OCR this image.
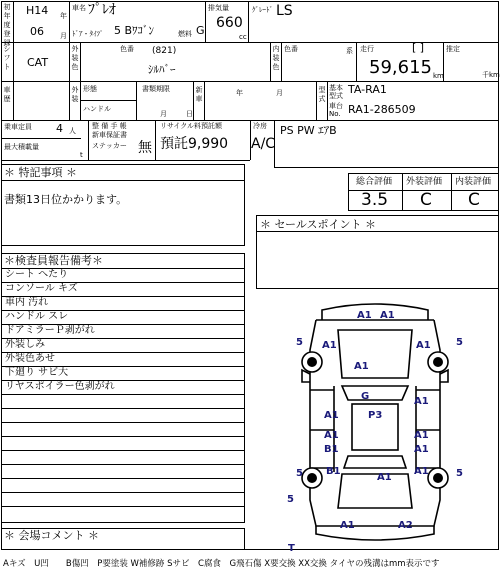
初年度登録
H14 年
06 月
車名 ﾌﾟﾚｵ
ﾄﾞｱ・ﾀｲﾌﾟ 5 Bﾜｺﾞﾝ	燃料 G
排気量
660
cc
ｸﾞﾚｰﾄﾞ LS
シフト CAT
外装色
色番 (821)
ｼﾙﾊﾞｰ
内装色
色番	系 走行	[ ]
59,615 km
推定
千km
車歴
外装
形態
ハンドル
書類期限
月	日
新車
年	月	型式
基本型式 TA-RA1
車台No. RA1-286509
乗車定員 4 人
最大積載量
t
整 備 手 帳
新車保証書
ステッカー 無
リサイクル料預託額
預託9,990
冷房
A/C
PS PW ｴｱB
＊ 特記事項 ＊
書類13日位かかります。
総合評価 外装評価 内装評価
3.5 C C
＊ セールスポイント ＊
＊検査員報告備考＊
シート へたり
コンソール キズ
車内 汚れ
ハンドル スレ
ドアミラーＰ剥がれ
外装しみ
外装色あせ
下廻り サビ大
リヤスポイラー色剥がれ
＊ 会場コメント ＊
A1 A1
A1	A1
5	5
A1
G
P3
A1
A1
B1
A1
A1
A1
B1
A1
A1
5	5
5
A1	A2
T
Aキズ　U凹　　B傷凹　P要塗装 W補修跡 Sサビ　C腐食　G飛石傷 X要交換 XX交換 タイヤの残溝はmm表示です
